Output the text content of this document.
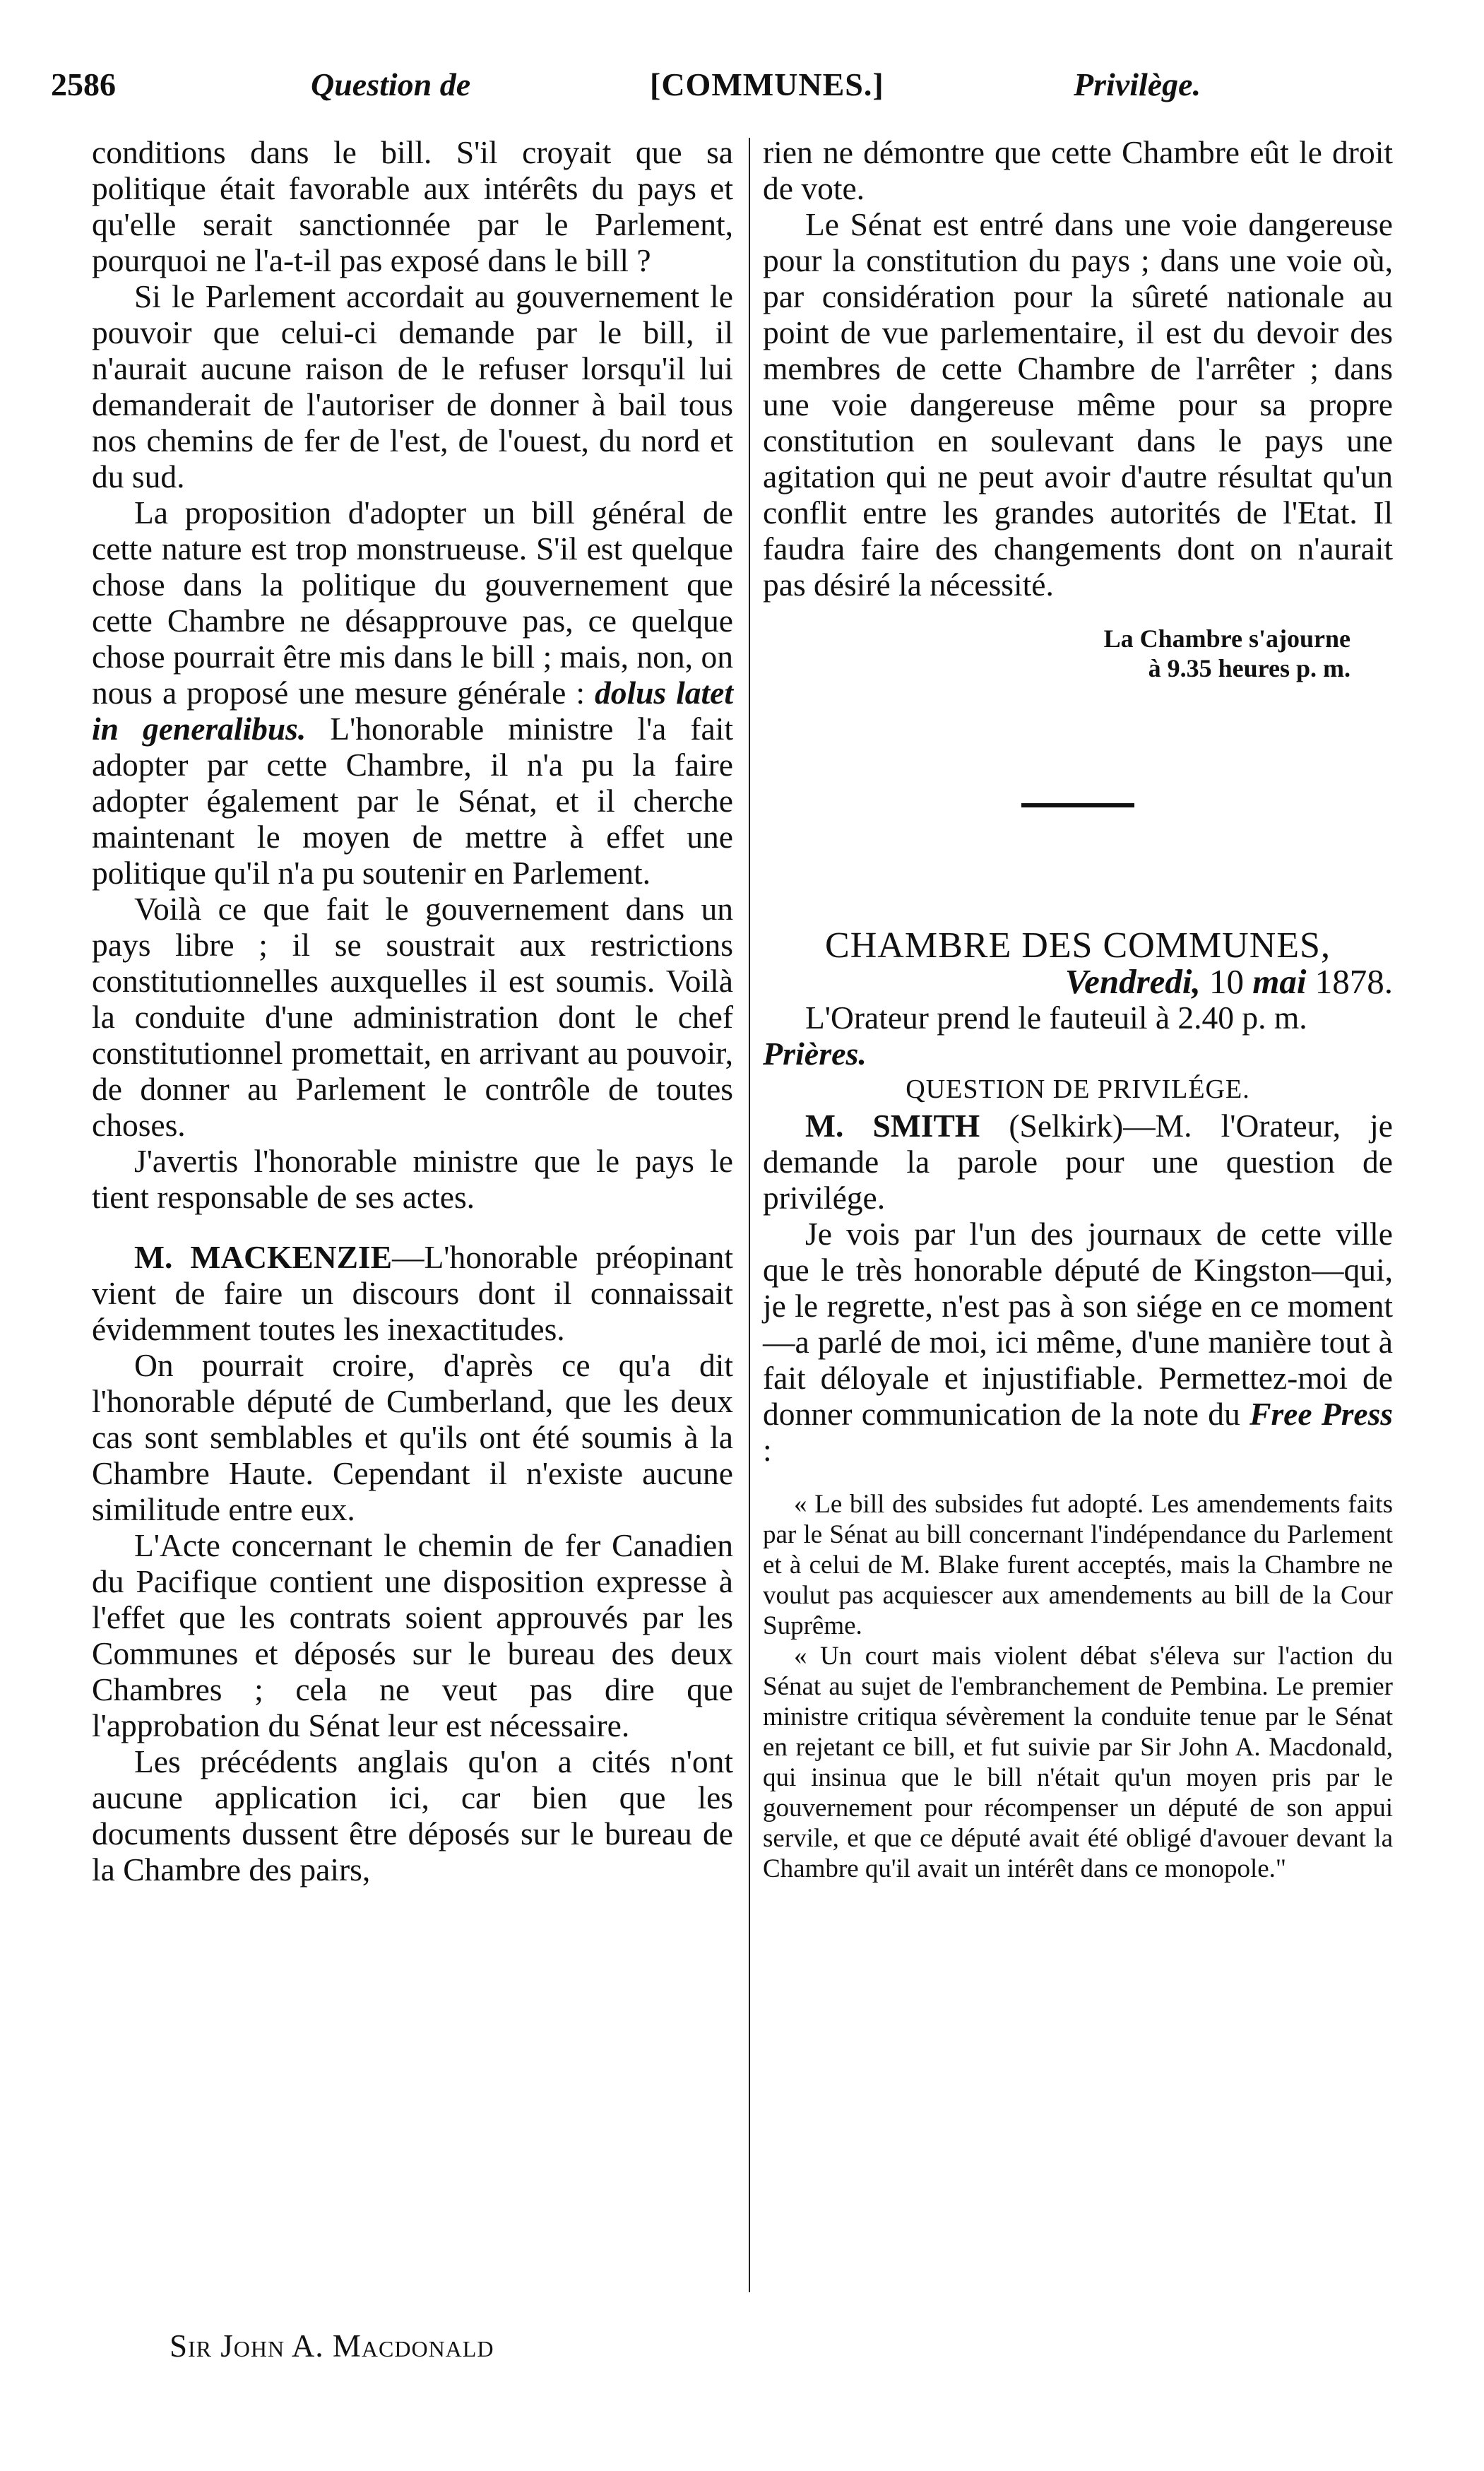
2586	Question de	[COMMUNES.]	Privilège.

conditions dans le bill. S'il croyait que sa politique était favorable aux intérêts du pays et qu'elle serait sanctionnée par le Parlement, pourquoi ne l'a-t-il pas exposé dans le bill ?

Si le Parlement accordait au gouvernement le pouvoir que celui-ci demande par le bill, il n'aurait aucune raison de le refuser lorsqu'il lui demanderait de l'autoriser de donner à bail tous nos chemins de fer de l'est, de l'ouest, du nord et du sud.

La proposition d'adopter un bill général de cette nature est trop monstrueuse. S'il est quelque chose dans la politique du gouvernement que cette Chambre ne désapprouve pas, ce quelque chose pourrait être mis dans le bill ; mais, non, on nous a proposé une mesure générale : dolus latet in generalibus. L'honorable ministre l'a fait adopter par cette Chambre, il n'a pu la faire adopter également par le Sénat, et il cherche maintenant le moyen de mettre à effet une politique qu'il n'a pu soutenir en Parlement.

Voilà ce que fait le gouvernement dans un pays libre ; il se soustrait aux restrictions constitutionnelles auxquelles il est soumis. Voilà la conduite d'une administration dont le chef constitutionnel promettait, en arrivant au pouvoir, de donner au Parlement le contrôle de toutes choses.

J'avertis l'honorable ministre que le pays le tient responsable de ses actes.

M. MACKENZIE—L'honorable préopinant vient de faire un discours dont il connaissait évidemment toutes les inexactitudes.

On pourrait croire, d'après ce qu'a dit l'honorable député de Cumberland, que les deux cas sont semblables et qu'ils ont été soumis à la Chambre Haute. Cependant il n'existe aucune similitude entre eux.

L'Acte concernant le chemin de fer Canadien du Pacifique contient une disposition expresse à l'effet que les contrats soient approuvés par les Communes et déposés sur le bureau des deux Chambres ; cela ne veut pas dire que l'approbation du Sénat leur est nécessaire.

Les précédents anglais qu'on a cités n'ont aucune application ici, car bien que les documents dussent être déposés sur le bureau de la Chambre des pairs,

Sir John A. Macdonald

rien ne démontre que cette Chambre eût le droit de vote.

Le Sénat est entré dans une voie dangereuse pour la constitution du pays ; dans une voie où, par considération pour la sûreté nationale au point de vue parlementaire, il est du devoir des membres de cette Chambre de l'arrêter ; dans une voie dangereuse même pour sa propre constitution en soulevant dans le pays une agitation qui ne peut avoir d'autre résultat qu'un conflit entre les grandes autorités de l'Etat. Il faudra faire des changements dont on n'aurait pas désiré la nécessité.

La Chambre s'ajourne
à 9.35 heures p. m.

CHAMBRE DES COMMUNES,

Vendredi, 10 mai 1878.

L'Orateur prend le fauteuil à 2.40 p. m.

Prières.

QUESTION DE PRIVILÉGE.

M. SMITH (Selkirk)—M. l'Orateur, je demande la parole pour une question de privilége.

Je vois par l'un des journaux de cette ville que le très honorable député de Kingston—qui, je le regrette, n'est pas à son siége en ce moment—a parlé de moi, ici même, d'une manière tout à fait déloyale et injustifiable. Permettez-moi de donner communication de la note du Free Press :

« Le bill des subsides fut adopté. Les amendements faits par le Sénat au bill concernant l'indépendance du Parlement et à celui de M. Blake furent acceptés, mais la Chambre ne voulut pas acquiescer aux amendements au bill de la Cour Suprême.

« Un court mais violent débat s'éleva sur l'action du Sénat au sujet de l'embranchement de Pembina. Le premier ministre critiqua sévèrement la conduite tenue par le Sénat en rejetant ce bill, et fut suivie par Sir John A. Macdonald, qui insinua que le bill n'était qu'un moyen pris par le gouvernement pour récompenser un député de son appui servile, et que ce député avait été obligé d'avouer devant la Chambre qu'il avait un intérêt dans ce monopole."
